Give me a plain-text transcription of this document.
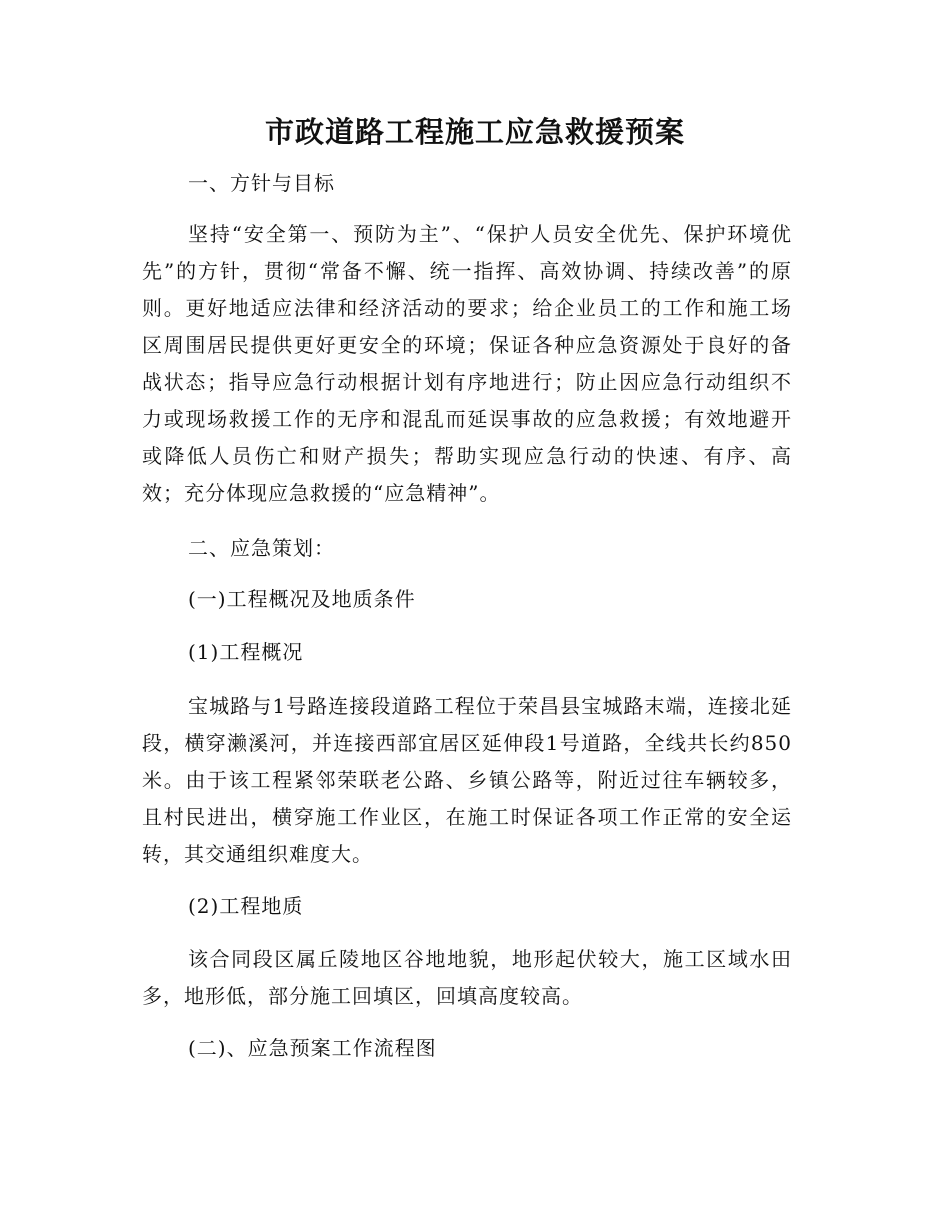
市政道路工程施工应急救援预案
一、方针与目标
坚持“安全第一、预防为主”、“保护人员安全优先、保护环境优先”的方针，贯彻“常备不懈、统一指挥、高效协调、持续改善”的原则。更好地适应法律和经济活动的要求；给企业员工的工作和施工场区周围居民提供更好更安全的环境；保证各种应急资源处于良好的备战状态；指导应急行动根据计划有序地进行；防止因应急行动组织不力或现场救援工作的无序和混乱而延误事故的应急救援；有效地避开或降低人员伤亡和财产损失；帮助实现应急行动的快速、有序、高效；充分体现应急救援的“应急精神”。
二、应急策划：
(一)工程概况及地质条件
(1)工程概况
宝城路与1号路连接段道路工程位于荣昌县宝城路末端，连接北延段，横穿濑溪河，并连接西部宜居区延伸段1号道路，全线共长约850米。由于该工程紧邻荣联老公路、乡镇公路等，附近过往车辆较多，且村民进出，横穿施工作业区，在施工时保证各项工作正常的安全运转，其交通组织难度大。
(2)工程地质
该合同段区属丘陵地区谷地地貌，地形起伏较大，施工区域水田多，地形低，部分施工回填区，回填高度较高。
(二)、应急预案工作流程图
